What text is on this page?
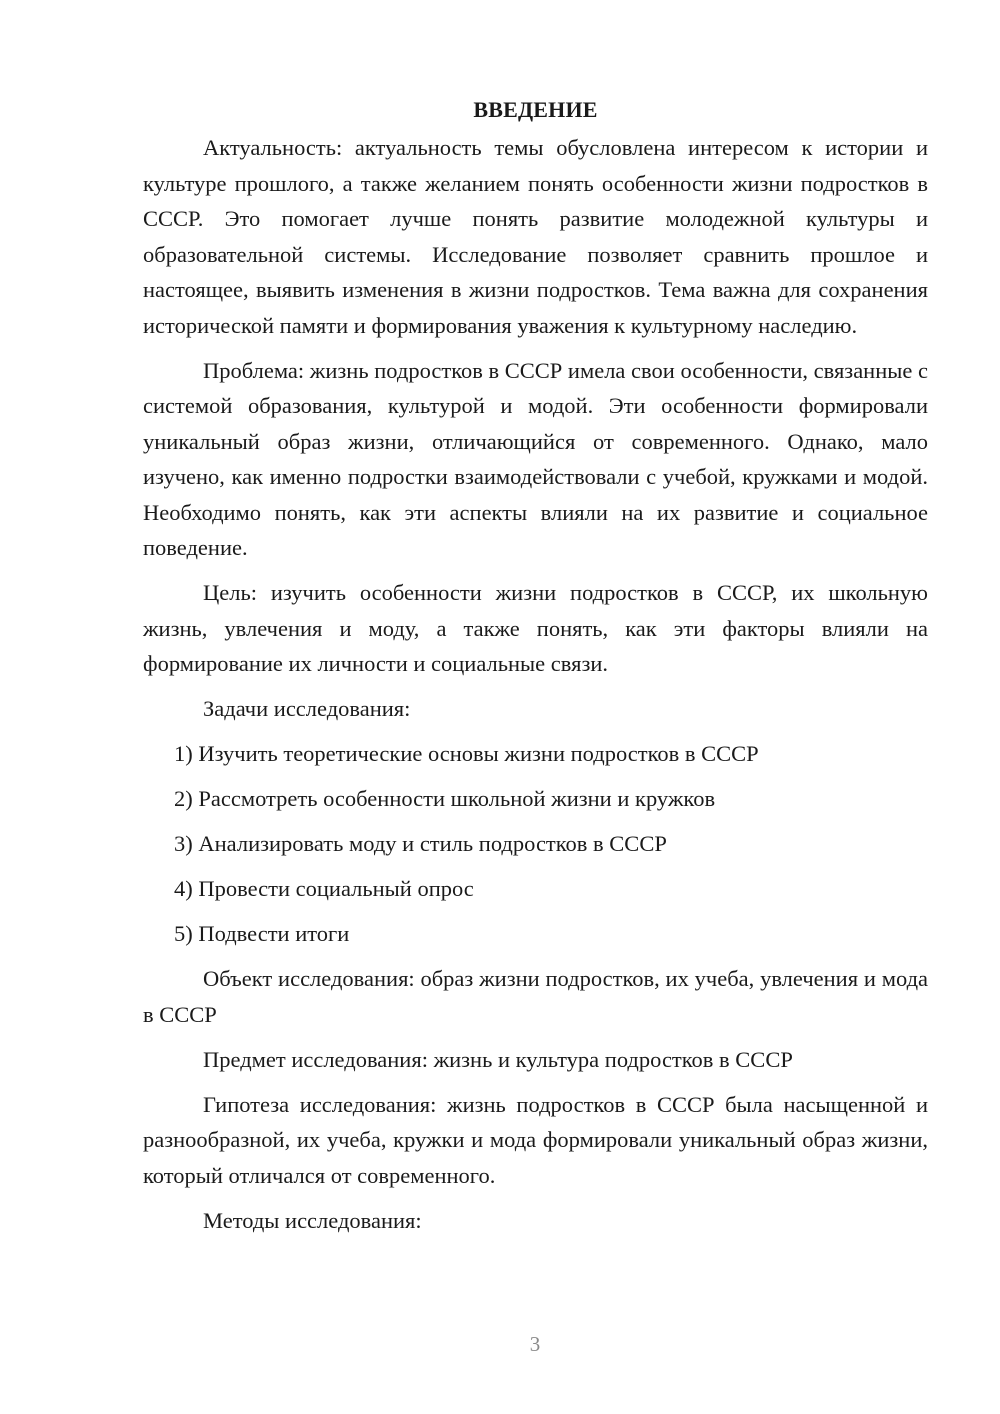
ВВЕДЕНИЕ

Актуальность: актуальность темы обусловлена интересом к истории и культуре прошлого, а также желанием понять особенности жизни подростков в СССР. Это помогает лучше понять развитие молодежной культуры и образовательной системы. Исследование позволяет сравнить прошлое и настоящее, выявить изменения в жизни подростков. Тема важна для сохранения исторической памяти и формирования уважения к культурному наследию.

Проблема: жизнь подростков в СССР имела свои особенности, связанные с системой образования, культурой и модой. Эти особенности формировали уникальный образ жизни, отличающийся от современного. Однако, мало изучено, как именно подростки взаимодействовали с учебой, кружками и модой. Необходимо понять, как эти аспекты влияли на их развитие и социальное поведение.

Цель: изучить особенности жизни подростков в СССР, их школьную жизнь, увлечения и моду, а также понять, как эти факторы влияли на формирование их личности и социальные связи.

Задачи исследования:

1) Изучить теоретические основы жизни подростков в СССР
2) Рассмотреть особенности школьной жизни и кружков
3) Анализировать моду и стиль подростков в СССР
4) Провести социальный опрос
5) Подвести итоги

Объект исследования: образ жизни подростков, их учеба, увлечения и мода в СССР

Предмет исследования: жизнь и культура подростков в СССР

Гипотеза исследования: жизнь подростков в СССР была насыщенной и разнообразной, их учеба, кружки и мода формировали уникальный образ жизни, который отличался от современного.

Методы исследования:

3
